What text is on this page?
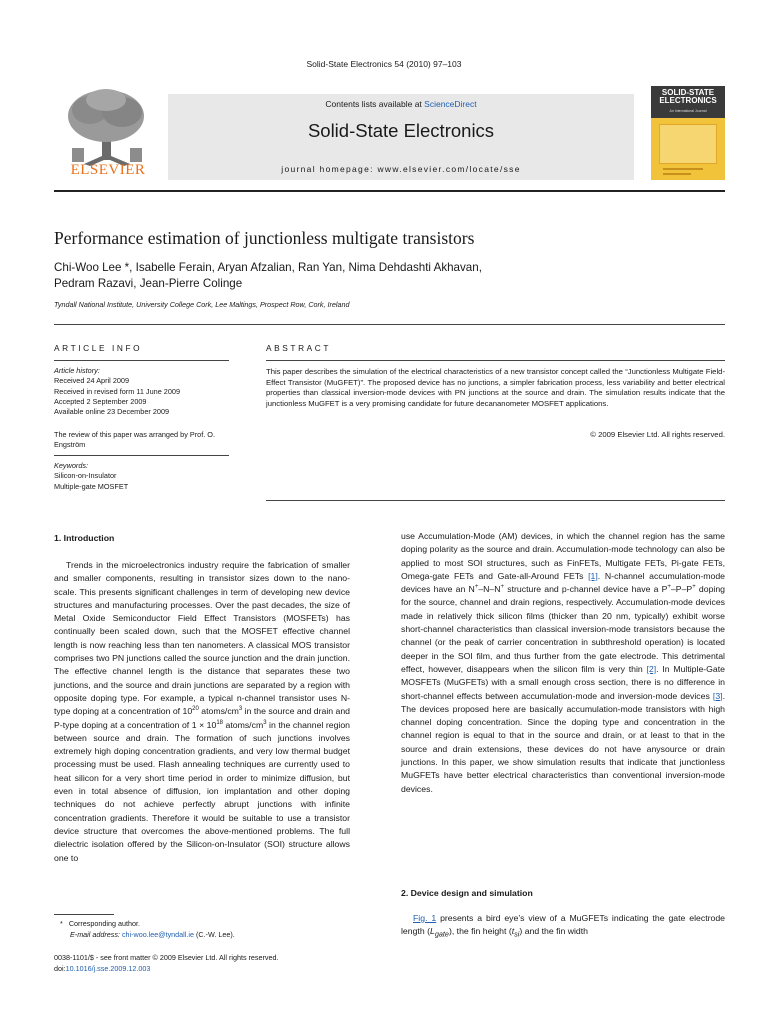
Solid-State Electronics 54 (2010) 97–103
ELSEVIER
Contents lists available at ScienceDirect
Solid-State Electronics
journal homepage: www.elsevier.com/locate/sse
SOLID-STATE ELECTRONICS
An International Journal
Performance estimation of junctionless multigate transistors
Chi-Woo Lee *, Isabelle Ferain, Aryan Afzalian, Ran Yan, Nima Dehdashti Akhavan,
Pedram Razavi, Jean-Pierre Colinge
Tyndall National Institute, University College Cork, Lee Maltings, Prospect Row, Cork, Ireland
ARTICLE INFO	ABSTRACT
Article history:
Received 24 April 2009
Received in revised form 11 June 2009
Accepted 2 September 2009
Available online 23 December 2009
The review of this paper was arranged by Prof. O. Engström
Keywords:
Silicon-on-Insulator
Multiple-gate MOSFET
This paper describes the simulation of the electrical characteristics of a new transistor concept called the “Junctionless Multigate Field-Effect Transistor (MuGFET)”. The proposed device has no junctions, a simpler fabrication process, less variability and better electrical properties than classical inversion-mode devices with PN junctions at the source and drain. The simulation results indicate that the junctionless MuGFET is a very promising candidate for future decananometer MOSFET applications.
© 2009 Elsevier Ltd. All rights reserved.
1. Introduction
Trends in the microelectronics industry require the fabrication of smaller and smaller components, resulting in transistor sizes down to the nano-scale. This presents significant challenges in term of developing new device structures and manufacturing processes. Over the past decades, the size of Metal Oxide Semiconductor Field Effect Transistors (MOSFETs) has continually been scaled down, such that the MOSFET effective channel length is now reaching less than ten nanometers. A classical MOS transistor comprises two PN junctions called the source junction and the drain junction. The effective channel length is the distance that separates these two junctions, and the source and drain junctions are separated by a region with opposite doping type. For example, a typical n-channel transistor uses N-type doping at a concentration of $10^{20}$ atoms/$cm^3$ in the source and drain and P-type doping at a concentration of $1 \times 10^{18}$ atoms/$cm^3$ in the channel region between source and drain. The formation of such junctions involves extremely high doping concentration gradients, and very low thermal budget processing must be used. Flash annealing techniques are currently used to heat silicon for a very short time period in order to minimize diffusion, but even in total absence of diffusion, ion implantation and other doping techniques do not achieve perfectly abrupt junctions with infinite concentration gradients. Therefore it would be suitable to use a transistor device structure that overcomes the above-mentioned problems. The full dielectric isolation offered by the Silicon-on-Insulator (SOI) structure allows one to
use Accumulation-Mode (AM) devices, in which the channel region has the same doping polarity as the source and drain. Accumulation-mode technology can also be applied to most SOI structures, such as FinFETs, Multigate FETs, Pi-gate FETs, Omega-gate FETs and Gate-all-Around FETs [1]. N-channel accumulation-mode devices have an N+–N–N+ structure and p-channel device have a P+–P–P+ doping for the source, channel and drain regions, respectively. Accumulation-mode devices made in relatively thick silicon films (thicker than 20 nm, typically) exhibit worse short-channel characteristics than classical inversion-mode transistors because the channel (or the peak of carrier concentration in subthreshold operation) is located deeper in the SOI film, and thus further from the gate electrode. This detrimental effect, however, disappears when the silicon film is very thin [2]. In Multiple-Gate MOSFETs (MuGFETs) with a small enough cross section, there is no difference in short-channel effects between accumulation-mode and inversion-mode devices [3]. The devices proposed here are basically accumulation-mode transistors with high channel doping concentration. Since the doping type and concentration in the channel region is equal to that in the source and drain, or at least to that in the source and drain extensions, these devices do not have anysource or drain junctions. In this paper, we show simulation results that indicate that junctionless MuGFETs have better electrical characteristics than conventional inversion-mode devices.
2. Device design and simulation
Fig. 1 presents a bird eye’s view of a MuGFETs indicating the gate electrode length $(L_{gate})$, the fin height $(t_{si})$ and the fin width
* Corresponding author.
E-mail address: chi-woo.lee@tyndall.ie (C.-W. Lee).
0038-1101/$ - see front matter © 2009 Elsevier Ltd. All rights reserved.
doi:10.1016/j.sse.2009.12.003
